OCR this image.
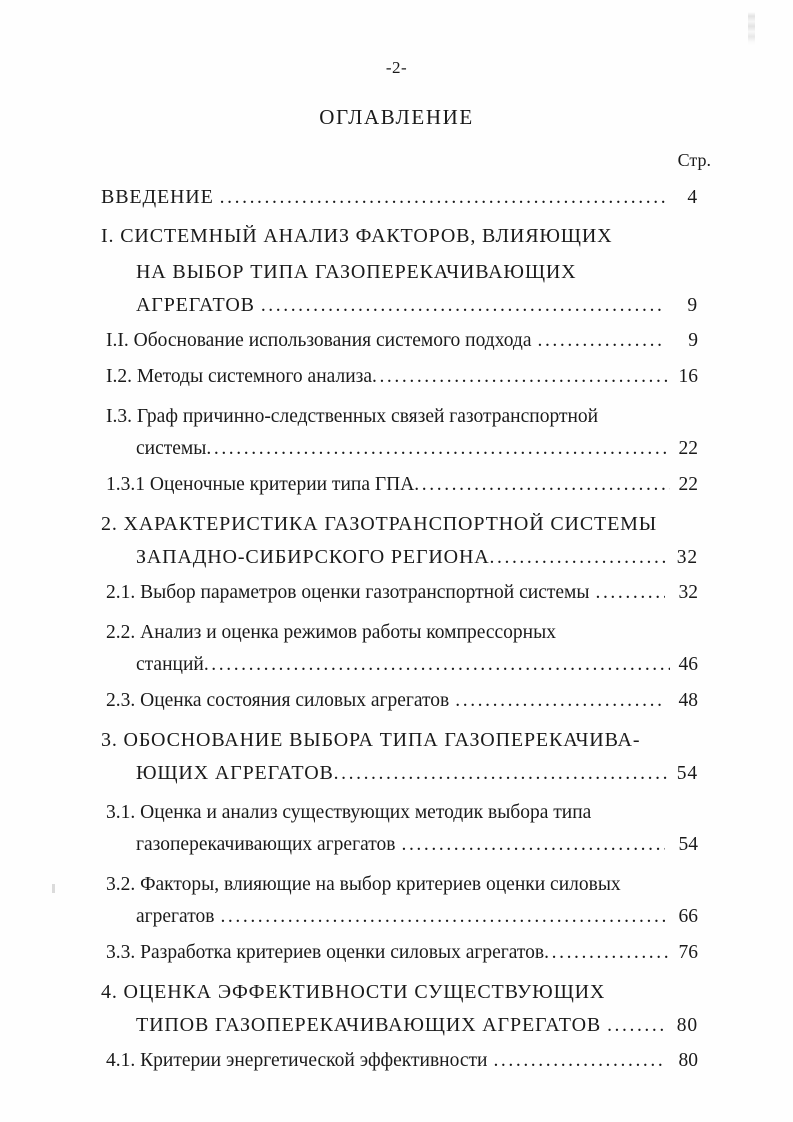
-2-
ОГЛАВЛЕНИЕ
Стр.
ВВЕДЕНИЕ .....	4
I. СИСТЕМНЫЙ АНАЛИЗ ФАКТОРОВ, ВЛИЯЮЩИХ
НА ВЫБОР ТИПА ГАЗОПЕРЕКАЧИВАЮЩИХ
АГРЕГАТОВ .....	9
I.I. Обоснование использования системого подхода .....	9
I.2. Методы системного анализа .....	16
I.3. Граф причинно-следственных связей газотранспортной
системы .....	22
1.3.1 Оценочные критерии типа ГПА .....	22
2. ХАРАКТЕРИСТИКА ГАЗОТРАНСПОРТНОЙ СИСТЕМЫ
ЗАПАДНО-СИБИРСКОГО РЕГИОНА .....	32
2.1. Выбор параметров оценки газотранспортной системы .....	32
2.2. Анализ и оценка режимов работы компрессорных
станций .....	46
2.3. Оценка состояния силовых агрегатов .....	48
3. ОБОСНОВАНИЕ ВЫБОРА ТИПА ГАЗОПЕРЕКАЧИВА-
ЮЩИХ АГРЕГАТОВ .....	54
3.1. Оценка и анализ существующих методик выбора типа
газоперекачивающих агрегатов .....	54
3.2. Факторы, влияющие на выбор критериев оценки силовых
агрегатов .....	66
3.3. Разработка критериев оценки силовых агрегатов .....	76
4. ОЦЕНКА ЭФФЕКТИВНОСТИ СУЩЕСТВУЮЩИХ
ТИПОВ ГАЗОПЕРЕКАЧИВАЮЩИХ АГРЕГАТОВ .....	80
4.1. Критерии энергетической эффективности .....	80
